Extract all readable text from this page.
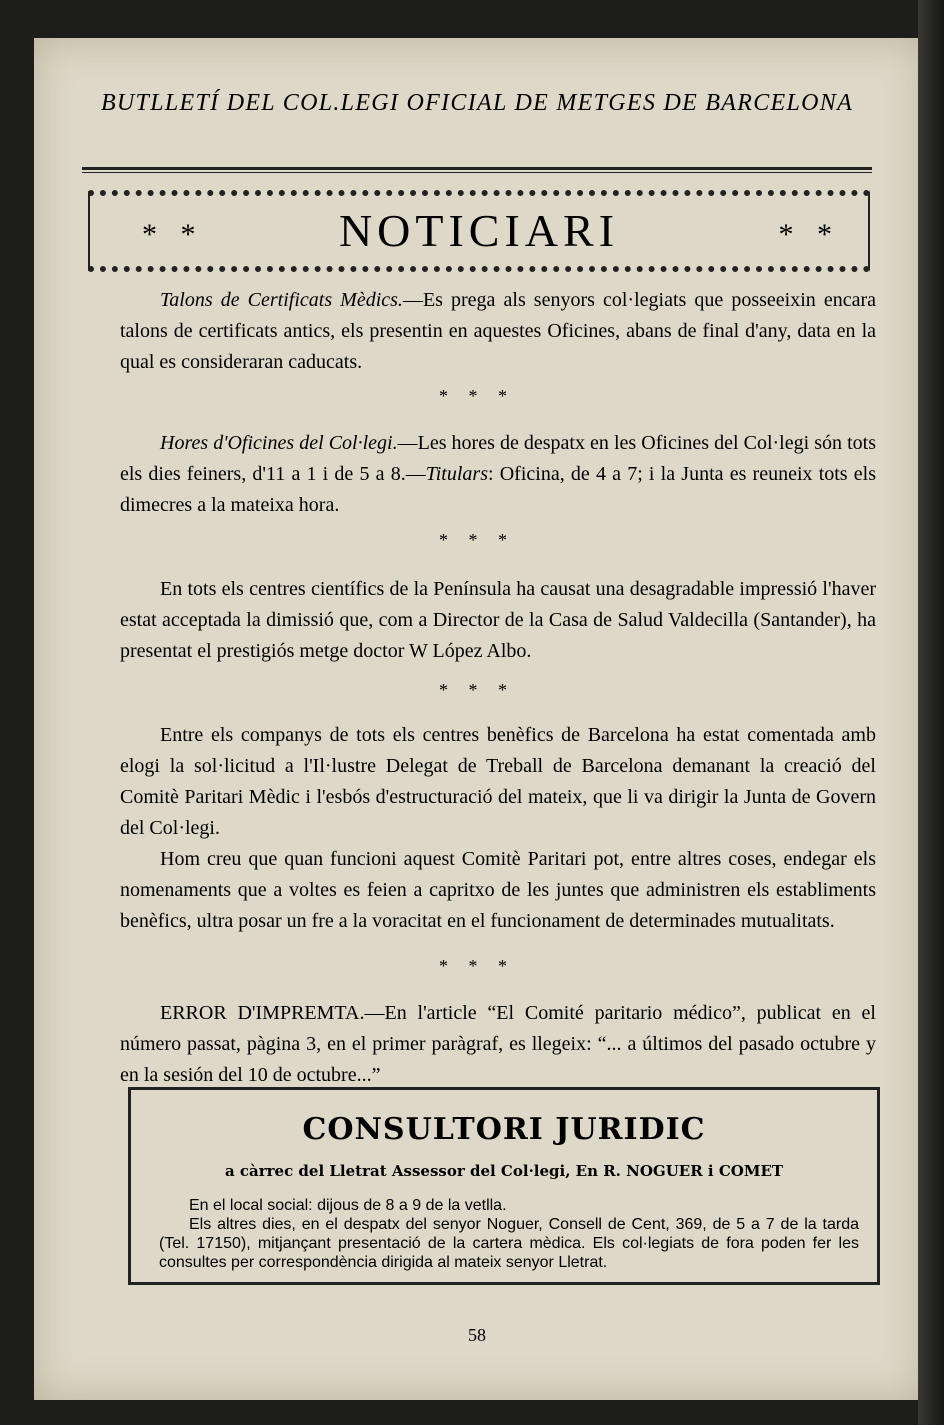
BUTLLETÍ DEL COL.LEGI OFICIAL DE METGES DE BARCELONA
* *	NOTICIARI	* *
Talons de Certificats Mèdics.—Es prega als senyors col·legiats que posseeixin encara talons de certificats antics, els presentin en aquestes Oficines, abans de final d'any, data en la qual es consideraran caducats.
* * *
Hores d'Oficines del Col·legi.—Les hores de despatx en les Oficines del Col·legi són tots els dies feiners, d'11 a 1 i de 5 a 8.—Titulars: Oficina, de 4 a 7; i la Junta es reuneix tots els dimecres a la mateixa hora.
* * *
En tots els centres científics de la Península ha causat una desagradable impressió l'haver estat acceptada la dimissió que, com a Director de la Casa de Salud Valdecilla (Santander), ha presentat el prestigiós metge doctor W López Albo.
* * *
Entre els companys de tots els centres benèfics de Barcelona ha estat comentada amb elogi la sol·licitud a l'Il·lustre Delegat de Treball de Barcelona demanant la creació del Comitè Paritari Mèdic i l'esbós d'estructuració del mateix, que li va dirigir la Junta de Govern del Col·legi.
Hom creu que quan funcioni aquest Comitè Paritari pot, entre altres coses, endegar els nomenaments que a voltes es feien a capritxo de les juntes que administren els establiments benèfics, ultra posar un fre a la voracitat en el funcionament de determinades mutualitats.
* * *
ERROR D'IMPREMTA.—En l'article “El Comité paritario médico”, publicat en el número passat, pàgina 3, en el primer paràgraf, es llegeix: “... a últimos del pasado octubre y en la sesión del 10 de octubre...”
CONSULTORI JURIDIC
a càrrec del Lletrat Assessor del Col·legi, En R. NOGUER i COMET

En el local social: dijous de 8 a 9 de la vetlla.

Els altres dies, en el despatx del senyor Noguer, Consell de Cent, 369, de 5 a 7 de la tarda (Tel. 17150), mitjançant presentació de la cartera mèdica. Els col·legiats de fora poden fer les consultes per correspondència dirigida al mateix senyor Lletrat.

58
